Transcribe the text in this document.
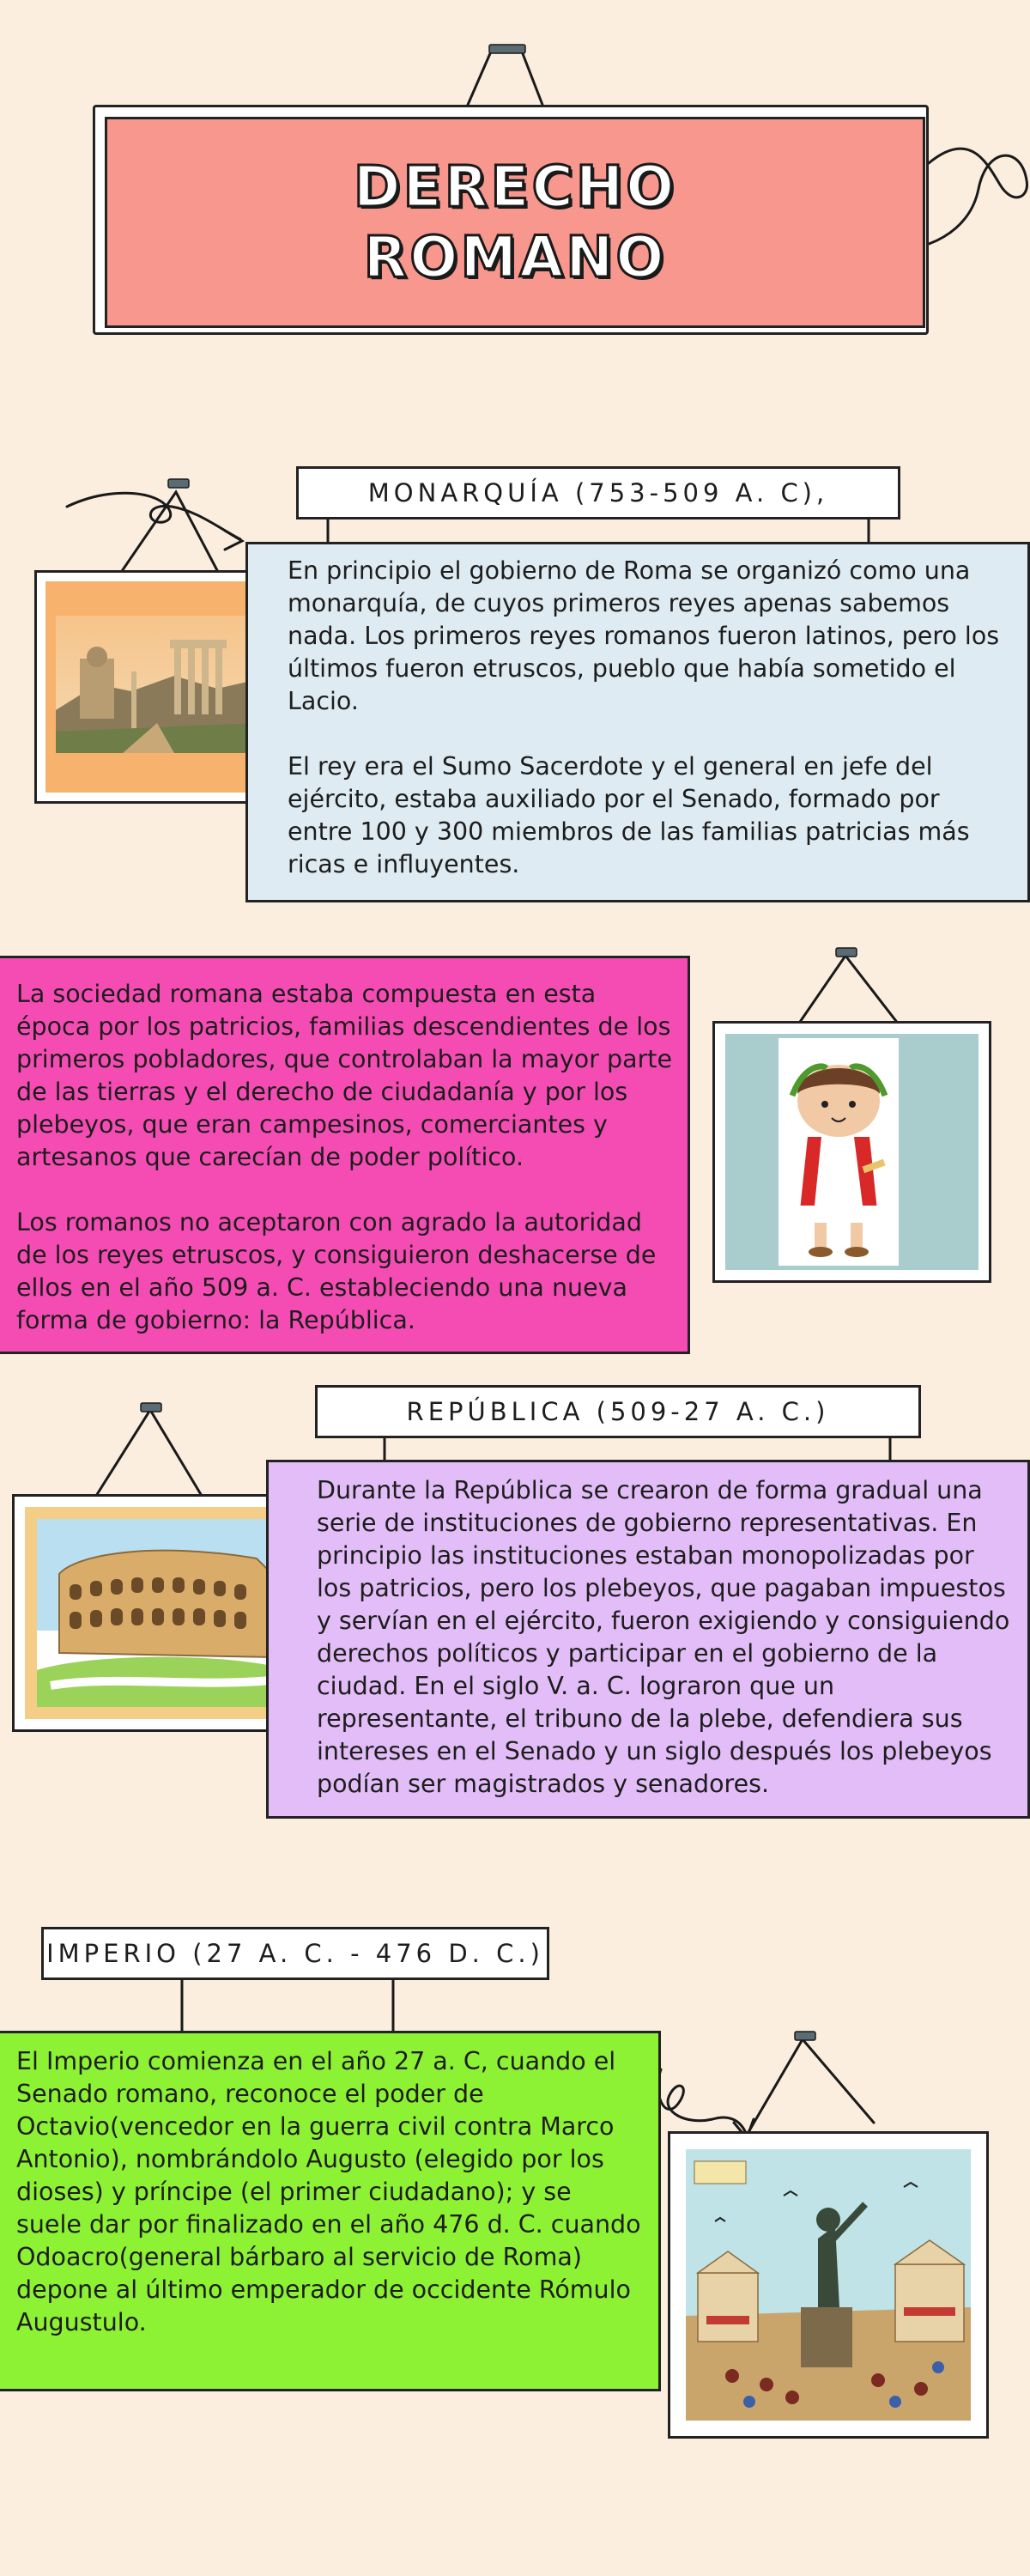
DERECHO
ROMANO
MONARQUÍA (753-509 A. C),

En principio el gobierno de Roma se organizó como una monarquía, de cuyos primeros reyes apenas sabemos nada. Los primeros reyes romanos fueron latinos, pero los últimos fueron etruscos, pueblo que había sometido el Lacio.

El rey era el Sumo Sacerdote y el general en jefe del ejército, estaba auxiliado por el Senado, formado por entre 100 y 300 miembros de las familias patricias más ricas e influyentes.

La sociedad romana estaba compuesta en esta época por los patricios, familias descendientes de los primeros pobladores, que controlaban la mayor parte de las tierras y el derecho de ciudadanía y por los plebeyos, que eran campesinos, comerciantes y artesanos que carecían de poder político.

Los romanos no aceptaron con agrado la autoridad de los reyes etruscos, y consiguieron deshacerse de ellos en el año 509 a. C. estableciendo una nueva forma de gobierno: la República.

REPÚBLICA (509-27 A. C.)

Durante la República se crearon de forma gradual una serie de instituciones de gobierno representativas. En principio las instituciones estaban monopolizadas por los patricios, pero los plebeyos, que pagaban impuestos y servían en el ejército, fueron exigiendo y consiguiendo derechos políticos y participar en el gobierno de la ciudad. En el siglo V. a. C. lograron que un representante, el tribuno de la plebe, defendiera sus intereses en el Senado y un siglo después los plebeyos podían ser magistrados y senadores.

IMPERIO (27 A. C. - 476 D. C.)

El Imperio comienza en el año 27 a. C, cuando el Senado romano, reconoce el poder de Octavio(vencedor en la guerra civil contra Marco Antonio), nombrándolo Augusto (elegido por los dioses) y príncipe (el primer ciudadano); y se suele dar por finalizado en el año 476 d. C. cuando Odoacro(general bárbaro al servicio de Roma) depone al último emperador de occidente Rómulo Augustulo.
